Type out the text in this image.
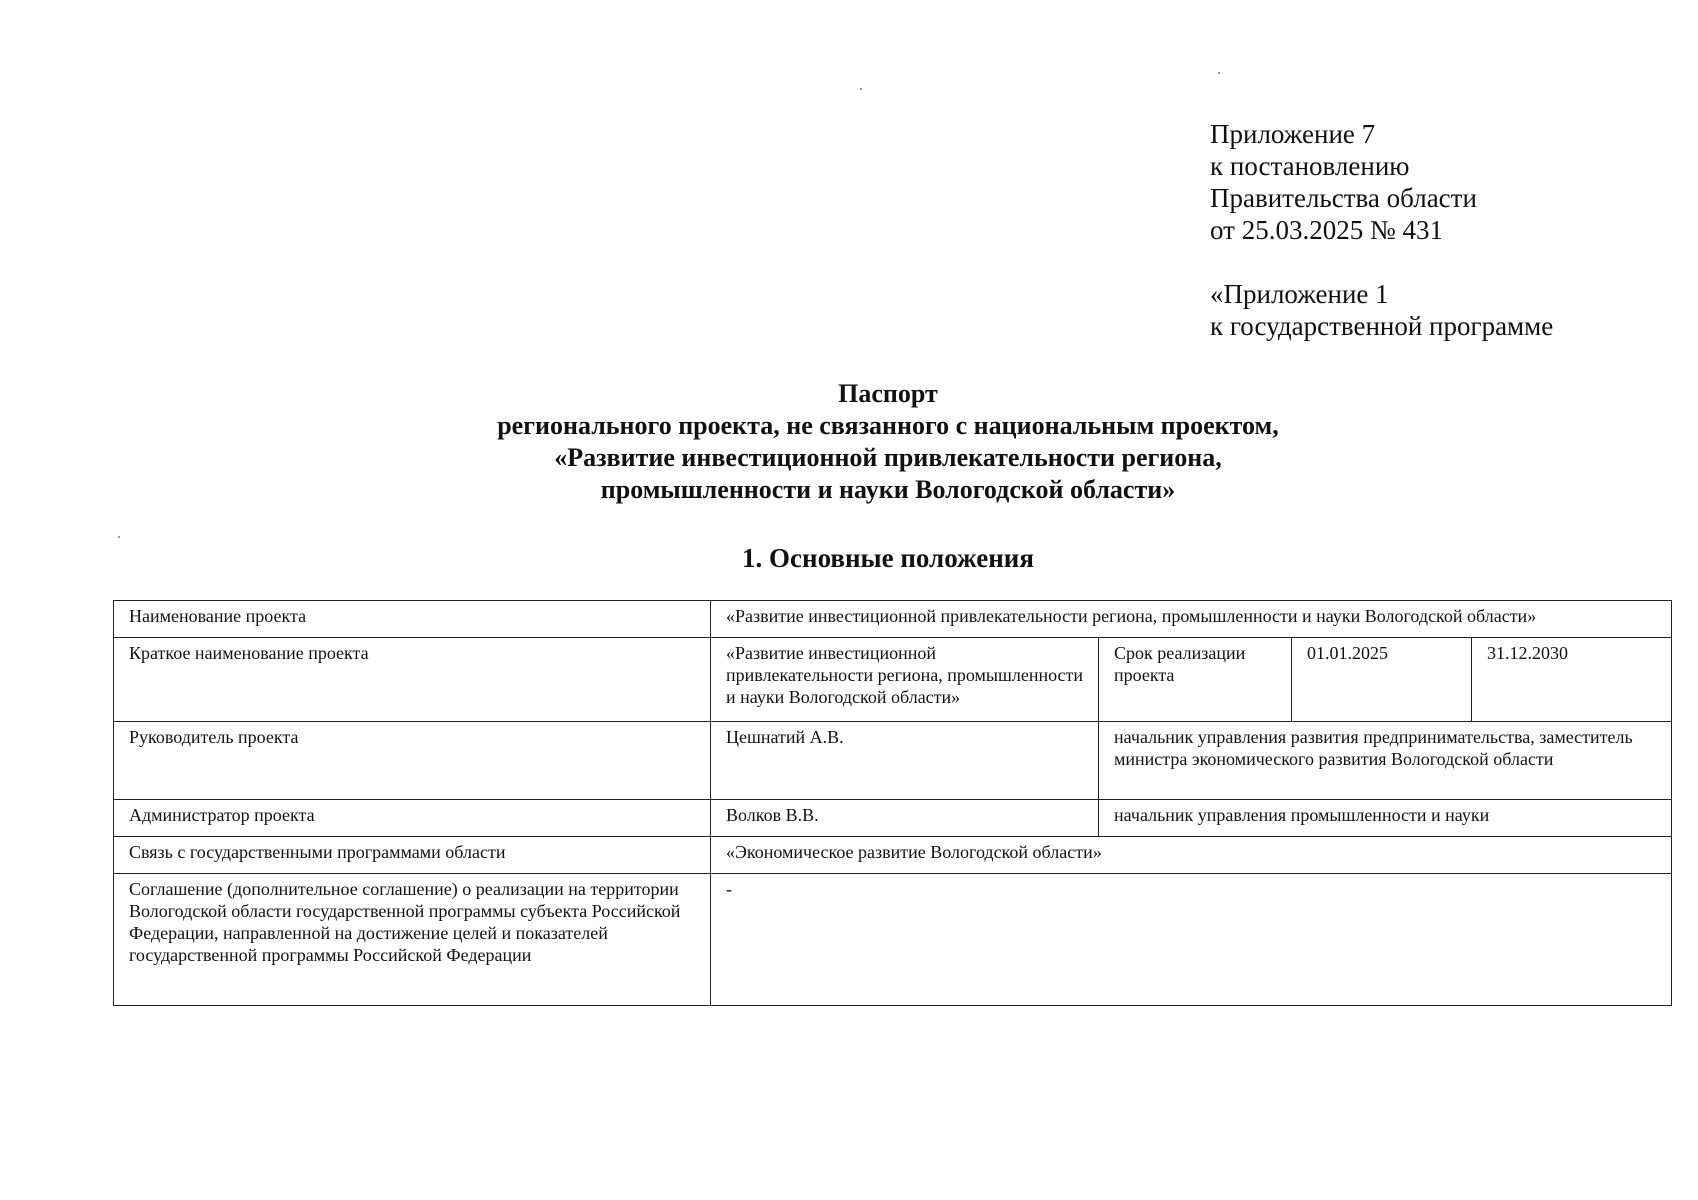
Приложение 7
к постановлению
Правительства области
от 25.03.2025 № 431
«Приложение 1
к государственной программе
Паспорт
регионального проекта, не связанного с национальным проектом,
«Развитие инвестиционной привлекательности региона,
промышленности и науки Вологодской области»
1. Основные положения
Наименование проекта	«Развитие инвестиционной привлекательности региона, промышленности и науки Вологодской области»			
Краткое наименование проекта	«Развитие инвестиционной привлекательности региона, промышленности и науки Вологодской области»	Срок реализации проекта	01.01.2025	31.12.2030
Руководитель проекта	Цешнатий А.В.	начальник управления развития предпринимательства, заместитель министра экономического развития Вологодской области		
Администратор проекта	Волков В.В.	начальник управления промышленности и науки		
Связь с государственными программами области	«Экономическое развитие Вологодской области»			
Соглашение (дополнительное соглашение) о реализации на территории Вологодской области государственной программы субъекта Российской Федерации, направленной на достижение целей и показателей государственной программы Российской Федерации	-			
